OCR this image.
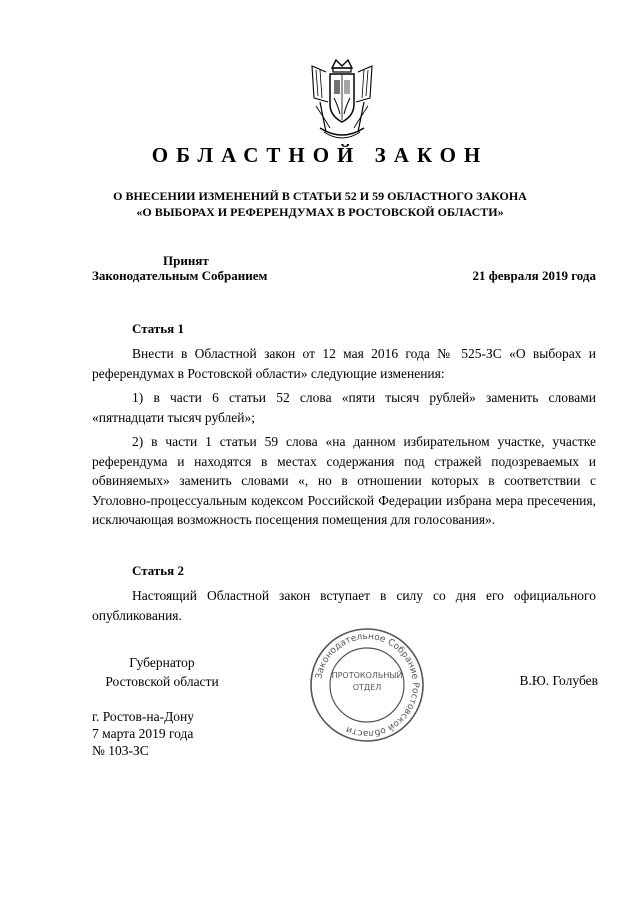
ОБЛАСТНОЙ ЗАКОН
О ВНЕСЕНИИ ИЗМЕНЕНИЙ В СТАТЬИ 52 И 59 ОБЛАСТНОГО ЗАКОНА
«О ВЫБОРАХ И РЕФЕРЕНДУМАХ В РОСТОВСКОЙ ОБЛАСТИ»
Принят
Законодательным Собранием	21 февраля 2019 года
Статья 1
Внести в Областной закон от 12 мая 2016 года № 525-ЗС «О выборах и референдумах в Ростовской области» следующие изменения:
1) в части 6 статьи 52 слова «пяти тысяч рублей» заменить словами «пятнадцати тысяч рублей»;
2) в части 1 статьи 59 слова «на данном избирательном участке, участке референдума и находятся в местах содержания под стражей подозреваемых и обвиняемых» заменить словами «, но в отношении которых в соответствии с Уголовно-процессуальным кодексом Российской Федерации избрана мера пресечения, исключающая возможность посещения помещения для голосования».
Статья 2
Настоящий Областной закон вступает в силу со дня его официального опубликования.
Законодательное Собрание Ростовской области
ПРОТОКОЛЬНЫЙ
ОТДЕЛ
Губернатор
Ростовской области	В.Ю. Голубев
г. Ростов-на-Дону
7 марта 2019 года
№ 103-ЗС
